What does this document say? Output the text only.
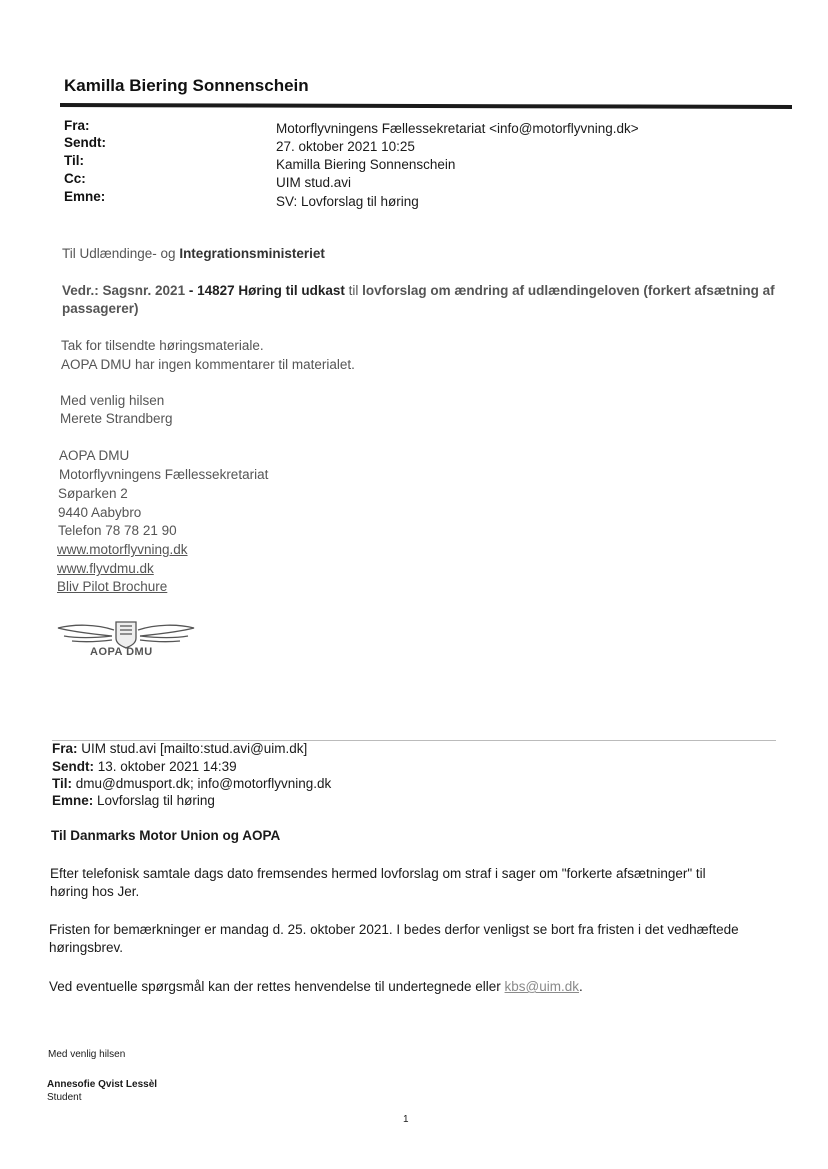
Kamilla Biering Sonnenschein
Fra:
Sendt:
Til:
Cc:
Emne:
Motorflyvningens Fællessekretariat <info@motorflyvning.dk>
27. oktober 2021 10:25
Kamilla Biering Sonnenschein
UIM stud.avi
SV: Lovforslag til høring
Til Udlændinge- og Integrationsministeriet
Vedr.: Sagsnr. 2021 - 14827 Høring til udkast til lovforslag om ændring af udlændingeloven (forkert afsætning af
passagerer)
Tak for tilsendte høringsmateriale.
AOPA DMU har ingen kommentarer til materialet.
Med venlig hilsen
Merete Strandberg
AOPA DMU
Motorflyvningens Fællessekretariat
Søparken 2
9440 Aabybro
Telefon 78 78 21 90
www.motorflyvning.dk
www.flyvdmu.dk
Bliv Pilot Brochure
AOPA DMU
Fra: UIM stud.avi [mailto:stud.avi@uim.dk]
Sendt: 13. oktober 2021 14:39
Til: dmu@dmusport.dk; info@motorflyvning.dk
Emne: Lovforslag til høring
Til Danmarks Motor Union og AOPA
Efter telefonisk samtale dags dato fremsendes hermed lovforslag om straf i sager om "forkerte afsætninger" til
høring hos Jer.
Fristen for bemærkninger er mandag d. 25. oktober 2021. I bedes derfor venligst se bort fra fristen i det vedhæftede
høringsbrev.
Ved eventuelle spørgsmål kan der rettes henvendelse til undertegnede eller kbs@uim.dk.
Med venlig hilsen
Annesofie Qvist Lessèl
Student
1
